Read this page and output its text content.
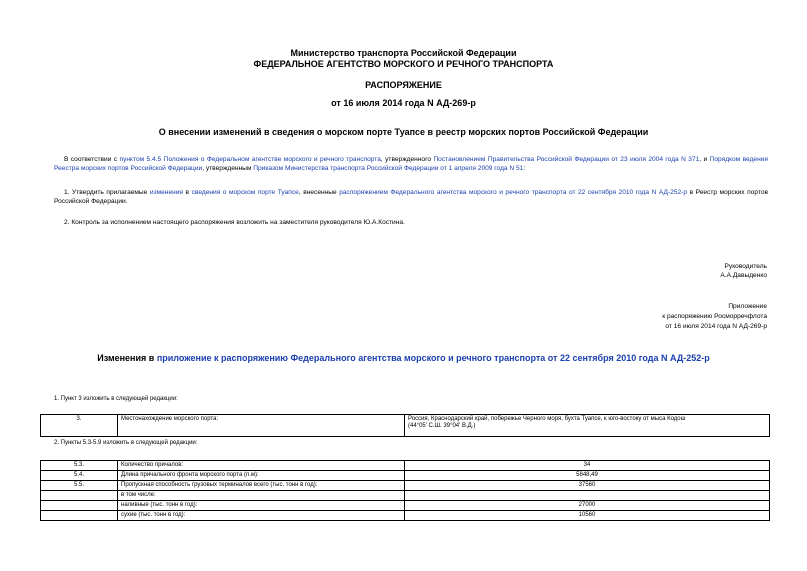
Министерство транспорта Российской Федерации
ФЕДЕРАЛЬНОЕ АГЕНТСТВО МОРСКОГО И РЕЧНОГО ТРАНСПОРТА
РАСПОРЯЖЕНИЕ
от 16 июля 2014 года N АД-269-р
О внесении изменений в сведения о морском порте Туапсе в реестр морских портов Российской Федерации
В соответствии с пунктом 5.4.5 Положения о Федеральном агентстве морского и речного транспорта, утвержденного Постановлением Правительства Российской Федерации от 23 июля 2004 года N 371, и Порядком ведения Реестра морских портов Российской Федерации, утвержденным Приказом Министерства транспорта Российской Федерации от 1 апреля 2009 года N 51:
1. Утвердить прилагаемые изменения в сведения о морском порте Туапсе, внесенные распоряжением Федерального агентства морского и речного транспорта от 22 сентября 2010 года N АД-252-р в Реестр морских портов Российской Федерации.
2. Контроль за исполнением настоящего распоряжения возложить на заместителя руководителя Ю.А.Костина.
Руководитель
А.А.Давыденко
Приложение
к распоряжению Росморречфлота
от 16 июля 2014 года N АД-269-р
Изменения в приложение к распоряжению Федерального агентства морского и речного транспорта от 22 сентября 2010 года N АД-252-р
1. Пункт 3 изложить в следующей редакции:
3.	Местонахождение морского порта:	Россия, Краснодарский край, побережье Черного моря, бухта Туапсе, к юго-востоку от мыса Кодош
(44°05' С.Ш. 39°04' В.Д.)
2. Пункты 5.3-5.9 изложить в следующей редакции:
5.3.	Количество причалов:	34
5.4.	Длина причального фронта морского порта (п.м):	5848,49
5.5.	Пропускная способность грузовых терминалов всего (тыс. тонн в год):	37560
	в том числе:	
	наливные (тыс. тонн в год):	27000
	сухие (тыс. тонн в год):	10560
